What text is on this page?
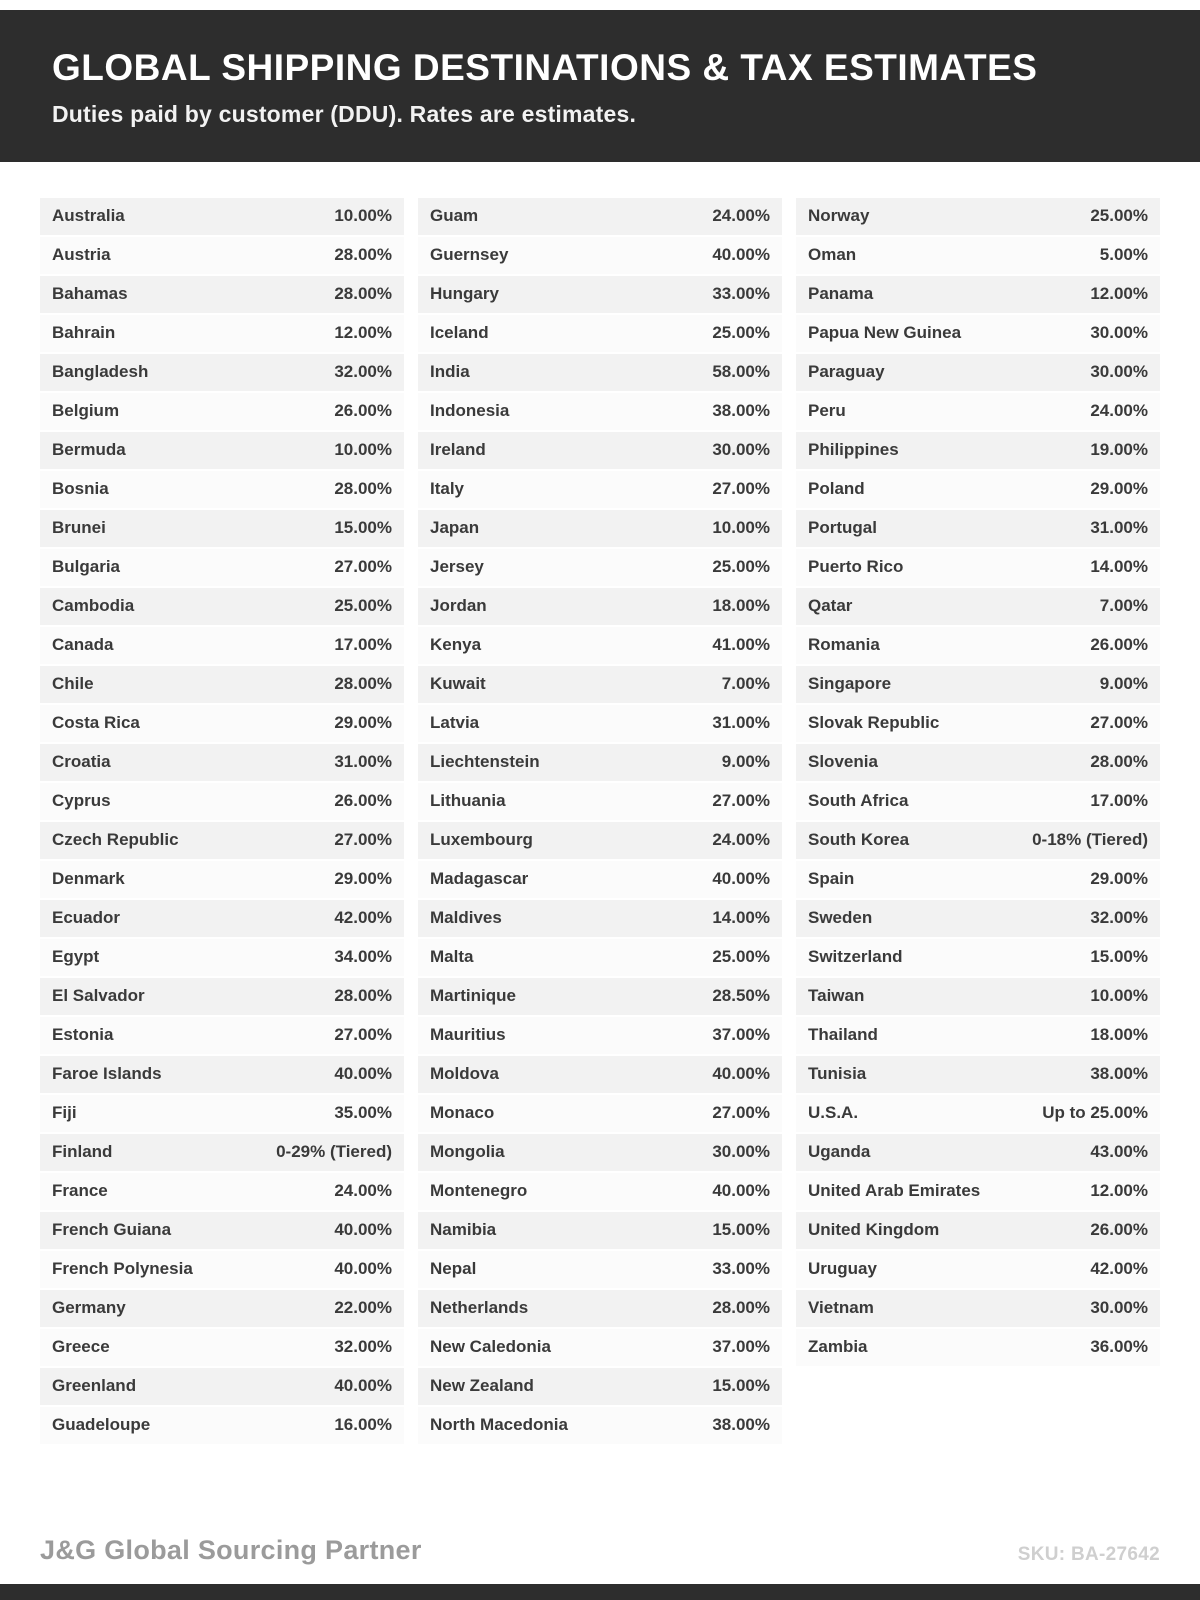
GLOBAL SHIPPING DESTINATIONS & TAX ESTIMATES

Duties paid by customer (DDU). Rates are estimates.

Australia	10.00%
Austria	28.00%
Bahamas	28.00%
Bahrain	12.00%
Bangladesh	32.00%
Belgium	26.00%
Bermuda	10.00%
Bosnia	28.00%
Brunei	15.00%
Bulgaria	27.00%
Cambodia	25.00%
Canada	17.00%
Chile	28.00%
Costa Rica	29.00%
Croatia	31.00%
Cyprus	26.00%
Czech Republic	27.00%
Denmark	29.00%
Ecuador	42.00%
Egypt	34.00%
El Salvador	28.00%
Estonia	27.00%
Faroe Islands	40.00%
Fiji	35.00%
Finland	0-29% (Tiered)
France	24.00%
French Guiana	40.00%
French Polynesia	40.00%
Germany	22.00%
Greece	32.00%
Greenland	40.00%
Guadeloupe	16.00%
Guam	24.00%
Guernsey	40.00%
Hungary	33.00%
Iceland	25.00%
India	58.00%
Indonesia	38.00%
Ireland	30.00%
Italy	27.00%
Japan	10.00%
Jersey	25.00%
Jordan	18.00%
Kenya	41.00%
Kuwait	7.00%
Latvia	31.00%
Liechtenstein	9.00%
Lithuania	27.00%
Luxembourg	24.00%
Madagascar	40.00%
Maldives	14.00%
Malta	25.00%
Martinique	28.50%
Mauritius	37.00%
Moldova	40.00%
Monaco	27.00%
Mongolia	30.00%
Montenegro	40.00%
Namibia	15.00%
Nepal	33.00%
Netherlands	28.00%
New Caledonia	37.00%
New Zealand	15.00%
North Macedonia	38.00%
Norway	25.00%
Oman	5.00%
Panama	12.00%
Papua New Guinea	30.00%
Paraguay	30.00%
Peru	24.00%
Philippines	19.00%
Poland	29.00%
Portugal	31.00%
Puerto Rico	14.00%
Qatar	7.00%
Romania	26.00%
Singapore	9.00%
Slovak Republic	27.00%
Slovenia	28.00%
South Africa	17.00%
South Korea	0-18% (Tiered)
Spain	29.00%
Sweden	32.00%
Switzerland	15.00%
Taiwan	10.00%
Thailand	18.00%
Tunisia	38.00%
U.S.A.	Up to 25.00%
Uganda	43.00%
United Arab Emirates	12.00%
United Kingdom	26.00%
Uruguay	42.00%
Vietnam	30.00%
Zambia	36.00%
J&G Global Sourcing Partner	SKU: BA-27642
